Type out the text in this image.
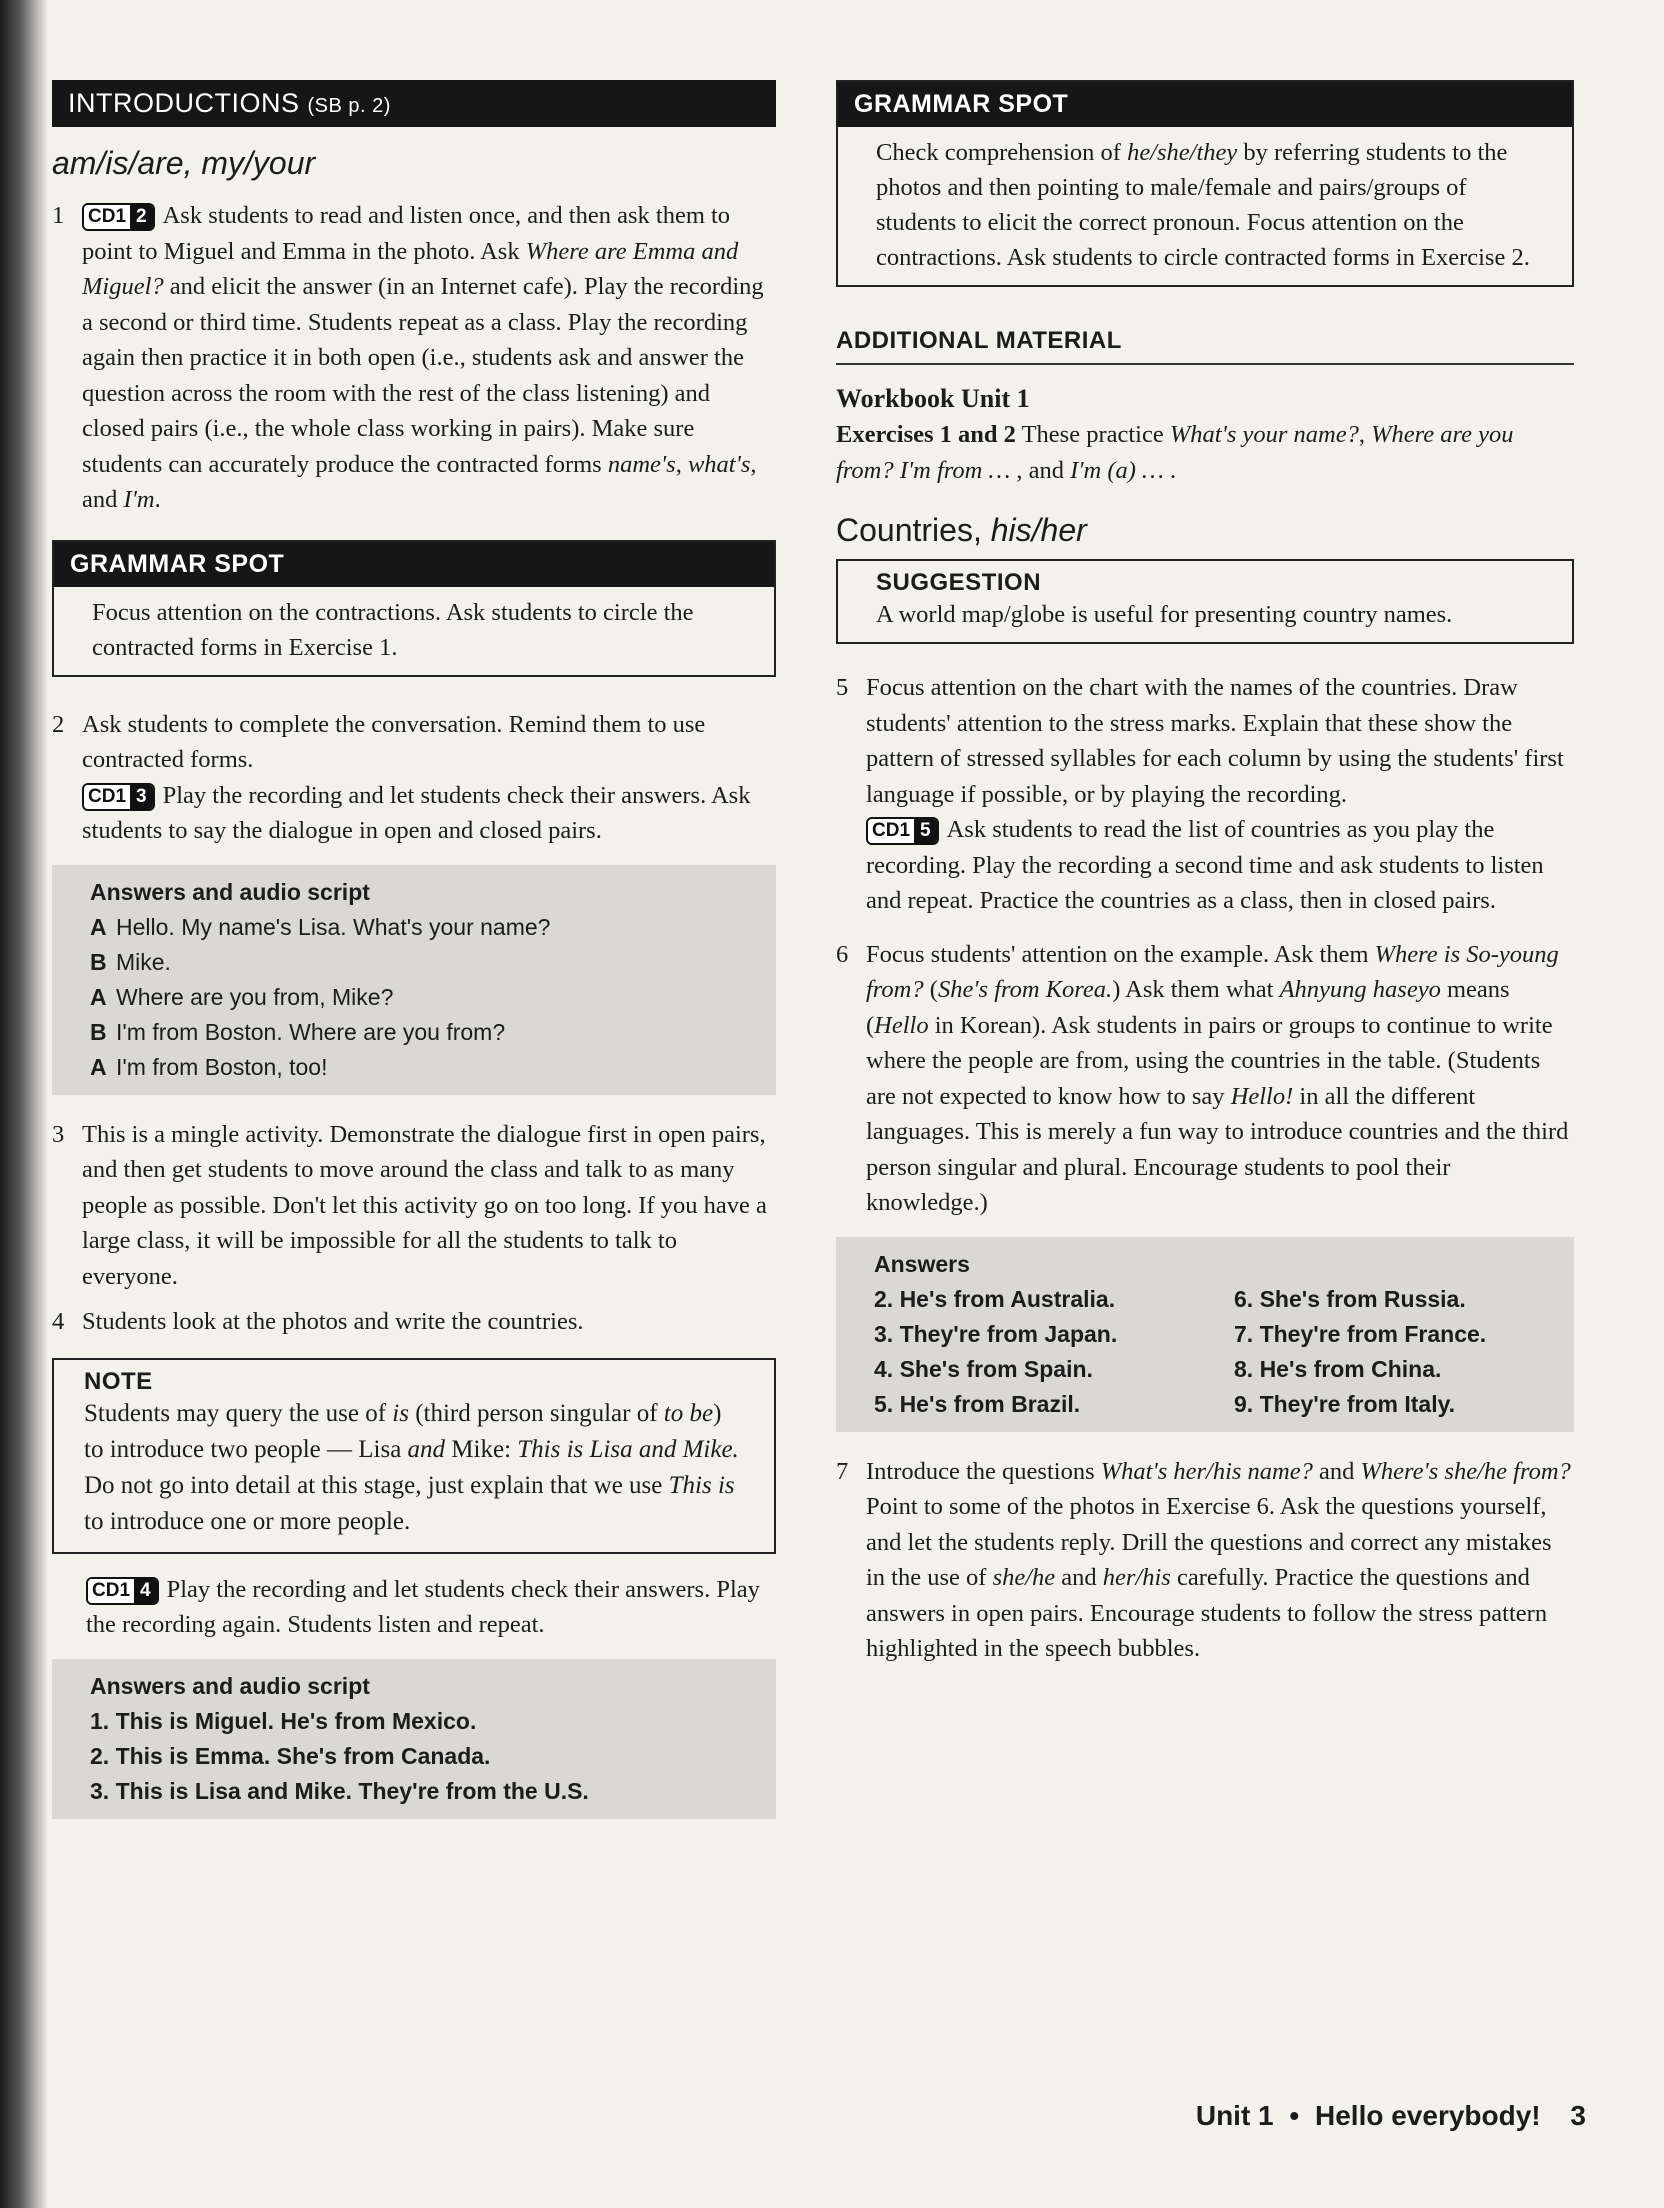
INTRODUCTIONS (SB p. 2)
am/is/are, my/your
1	CD1 2 Ask students to read and listen once, and then ask them to point to Miguel and Emma in the photo. Ask Where are Emma and Miguel? and elicit the answer (in an Internet cafe). Play the recording a second or third time. Students repeat as a class. Play the recording again then practice it in both open (i.e., students ask and answer the question across the room with the rest of the class listening) and closed pairs (i.e., the whole class working in pairs). Make sure students can accurately produce the contracted forms name's, what's, and I'm.
GRAMMAR SPOT
Focus attention on the contractions. Ask students to circle the contracted forms in Exercise 1.
2 Ask students to complete the conversation. Remind them to use contracted forms.
CD1 3 Play the recording and let students check their answers. Ask students to say the dialogue in open and closed pairs.
Answers and audio script
A Hello. My name's Lisa. What's your name?
B Mike.
A Where are you from, Mike?
B I'm from Boston. Where are you from?
A I'm from Boston, too!
3 This is a mingle activity. Demonstrate the dialogue first in open pairs, and then get students to move around the class and talk to as many people as possible. Don't let this activity go on too long. If you have a large class, it will be impossible for all the students to talk to everyone.
4 Students look at the photos and write the countries.
NOTE
Students may query the use of is (third person singular of to be) to introduce two people — Lisa and Mike: This is Lisa and Mike. Do not go into detail at this stage, just explain that we use This is to introduce one or more people.
CD1 4 Play the recording and let students check their answers. Play the recording again. Students listen and repeat.
Answers and audio script
1. This is Miguel. He's from Mexico.
2. This is Emma. She's from Canada.
3. This is Lisa and Mike. They're from the U.S.
GRAMMAR SPOT
Check comprehension of he/she/they by referring students to the photos and then pointing to male/female and pairs/groups of students to elicit the correct pronoun. Focus attention on the contractions. Ask students to circle contracted forms in Exercise 2.
ADDITIONAL MATERIAL
Workbook Unit 1
Exercises 1 and 2 These practice What's your name?, Where are you from? I'm from … , and I'm (a) … .
Countries, his/her
SUGGESTION
A world map/globe is useful for presenting country names.
5 Focus attention on the chart with the names of the countries. Draw students' attention to the stress marks. Explain that these show the pattern of stressed syllables for each column by using the students' first language if possible, or by playing the recording.
CD1 5 Ask students to read the list of countries as you play the recording. Play the recording a second time and ask students to listen and repeat. Practice the countries as a class, then in closed pairs.
6 Focus students' attention on the example. Ask them Where is So-young from? (She's from Korea.) Ask them what Ahnyung haseyo means (Hello in Korean). Ask students in pairs or groups to continue to write where the people are from, using the countries in the table. (Students are not expected to know how to say Hello! in all the different languages. This is merely a fun way to introduce countries and the third person singular and plural. Encourage students to pool their knowledge.)
Answers
2. He's from Australia.	6. She's from Russia.
3. They're from Japan.	7. They're from France.
4. She's from Spain.	8. He's from China.
5. He's from Brazil.	9. They're from Italy.
7 Introduce the questions What's her/his name? and Where's she/he from? Point to some of the photos in Exercise 6. Ask the questions yourself, and let the students reply. Drill the questions and correct any mistakes in the use of she/he and her/his carefully. Practice the questions and answers in open pairs. Encourage students to follow the stress pattern highlighted in the speech bubbles.
Unit 1 • Hello everybody! 3
